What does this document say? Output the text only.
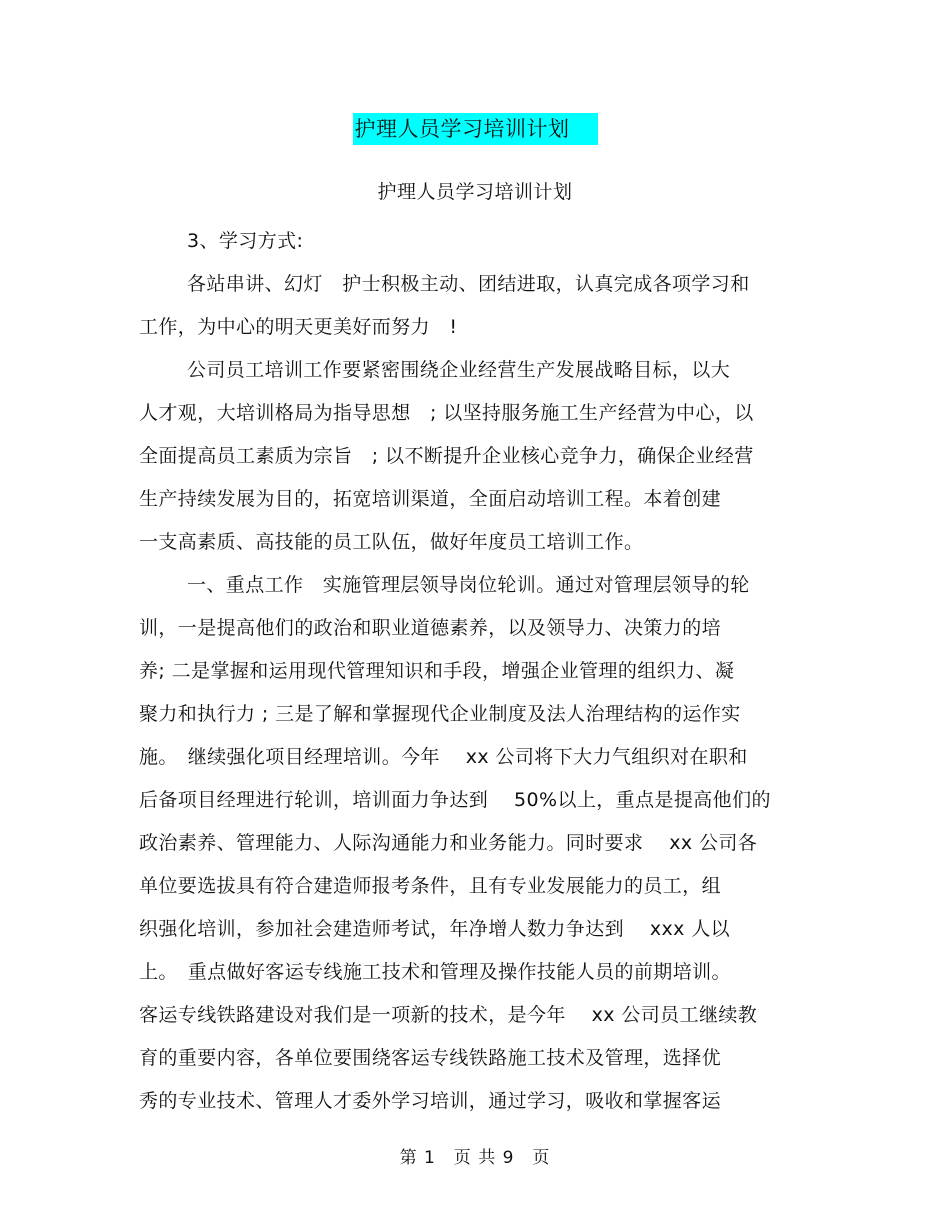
护理人员学习培训计划
护理人员学习培训计划
3、学习方式:
各站串讲、幻灯　护士积极主动、团结进取，认真完成各项学习和
工作，为中心的明天更美好而努力　!
公司员工培训工作要紧密围绕企业经营生产发展战略目标，以大
人才观，大培训格局为指导思想　; 以坚持服务施工生产经营为中心，以
全面提高员工素质为宗旨　; 以不断提升企业核心竞争力，确保企业经营
生产持续发展为目的，拓宽培训渠道，全面启动培训工程。本着创建
一支高素质、高技能的员工队伍，做好年度员工培训工作。
一、重点工作　实施管理层领导岗位轮训。通过对管理层领导的轮
训，一是提高他们的政治和职业道德素养，以及领导力、决策力的培
养; 二是掌握和运用现代管理知识和手段，增强企业管理的组织力、凝
聚力和执行力 ; 三是了解和掌握现代企业制度及法人治理结构的运作实
施。　继续强化项目经理培训。今年　 xx 公司将下大力气组织对在职和
后备项目经理进行轮训，培训面力争达到　 50%以上，重点是提高他们的
政治素养、管理能力、人际沟通能力和业务能力。同时要求　 xx 公司各
单位要选拔具有符合建造师报考条件，且有专业发展能力的员工，组
织强化培训，参加社会建造师考试，年净增人数力争达到　 xxx 人以
上。　重点做好客运专线施工技术和管理及操作技能人员的前期培训。
客运专线铁路建设对我们是一项新的技术，是今年　 xx 公司员工继续教
育的重要内容，各单位要围绕客运专线铁路施工技术及管理，选择优
秀的专业技术、管理人才委外学习培训，通过学习，吸收和掌握客运
第 1　页 共 9　页
